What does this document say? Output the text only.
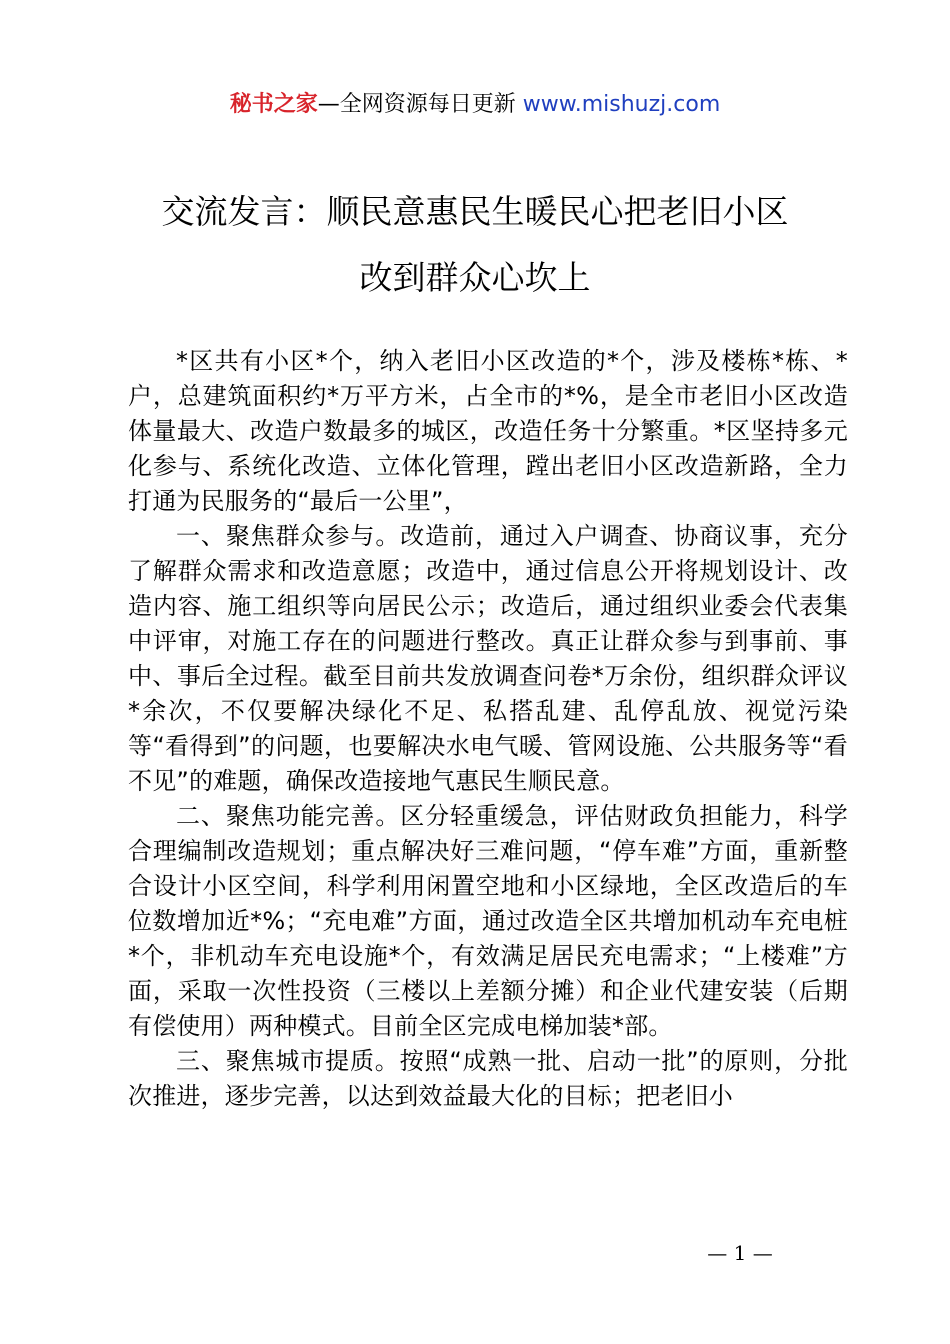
秘书之家—全网资源每日更新 www.mishuzj.com
交流发言：顺民意惠民生暖民心把老旧小区
改到群众心坎上

*区共有小区*个，纳入老旧小区改造的*个，涉及楼栋*栋、*户，总建筑面积约*万平方米，占全市的*%，是全市老旧小区改造体量最大、改造户数最多的城区，改造任务十分繁重。*区坚持多元化参与、系统化改造、立体化管理，蹚出老旧小区改造新路，全力打通为民服务的“最后一公里”，

一、聚焦群众参与。改造前，通过入户调查、协商议事，充分了解群众需求和改造意愿；改造中，通过信息公开将规划设计、改造内容、施工组织等向居民公示；改造后，通过组织业委会代表集中评审，对施工存在的问题进行整改。真正让群众参与到事前、事中、事后全过程。截至目前共发放调查问卷*万余份，组织群众评议*余次，不仅要解决绿化不足、私搭乱建、乱停乱放、视觉污染等“看得到”的问题，也要解决水电气暖、管网设施、公共服务等“看不见”的难题，确保改造接地气惠民生顺民意。

二、聚焦功能完善。区分轻重缓急，评估财政负担能力，科学合理编制改造规划；重点解决好三难问题，“停车难”方面，重新整合设计小区空间，科学利用闲置空地和小区绿地，全区改造后的车位数增加近*%；“充电难”方面，通过改造全区共增加机动车充电桩*个，非机动车充电设施*个，有效满足居民充电需求；“上楼难”方面，采取一次性投资（三楼以上差额分摊）和企业代建安装（后期有偿使用）两种模式。目前全区完成电梯加装*部。

三、聚焦城市提质。按照“成熟一批、启动一批”的原则，分批次推进，逐步完善，以达到效益最大化的目标；把老旧小

— 1 —
